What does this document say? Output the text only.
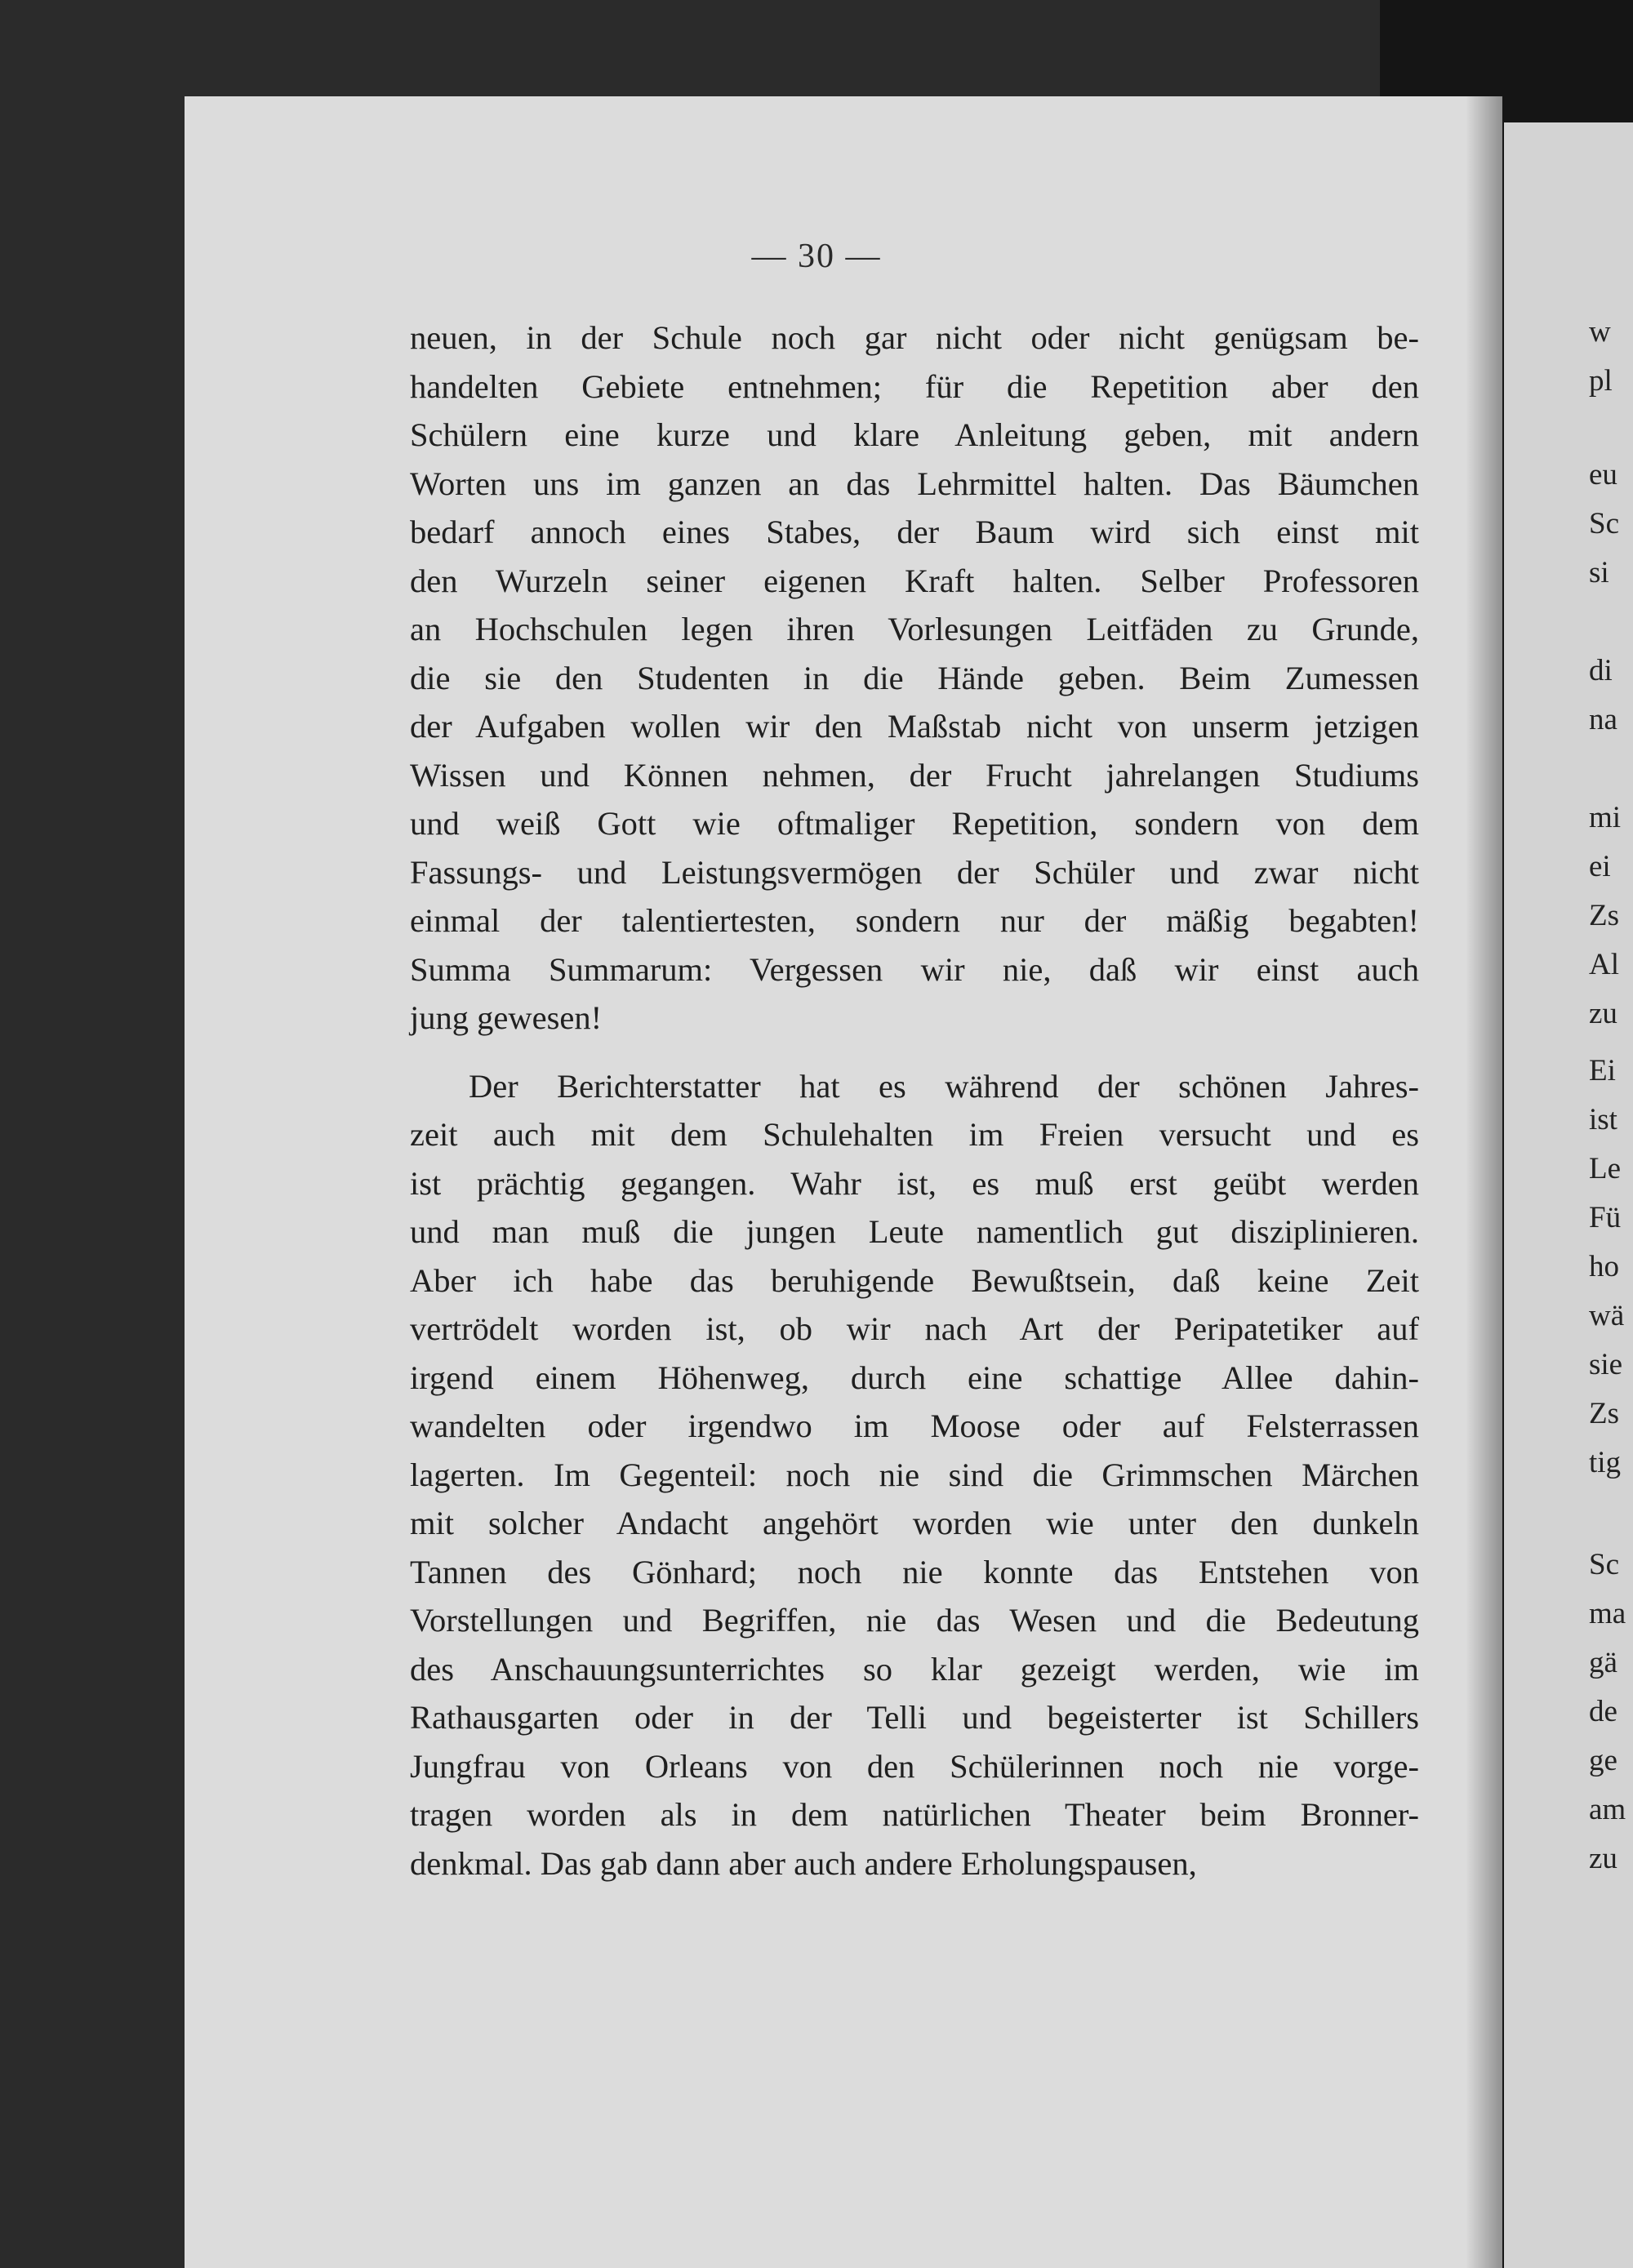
w
pl
eu
Sc
si
di
na
mi
ei
Zs
Al
zu
Ei
ist
Le
Fü
ho
wä
sie
Zs
tig
Sc
ma
gä
de
ge
am
zu
— 30 —
neuen, in der Schule noch gar nicht oder nicht genügsam be-
handelten Gebiete entnehmen; für die Repetition aber den
Schülern eine kurze und klare Anleitung geben, mit andern
Worten uns im ganzen an das Lehrmittel halten. Das Bäumchen
bedarf annoch eines Stabes, der Baum wird sich einst mit
den Wurzeln seiner eigenen Kraft halten. Selber Professoren
an Hochschulen legen ihren Vorlesungen Leitfäden zu Grunde,
die sie den Studenten in die Hände geben. Beim Zumessen
der Aufgaben wollen wir den Maßstab nicht von unserm jetzigen
Wissen und Können nehmen, der Frucht jahrelangen Studiums
und weiß Gott wie oftmaliger Repetition, sondern von dem
Fassungs- und Leistungsvermögen der Schüler und zwar nicht
einmal der talentiertesten, sondern nur der mäßig begabten!
Summa Summarum: Vergessen wir nie, daß wir einst auch
jung gewesen!
Der Berichterstatter hat es während der schönen Jahres-
zeit auch mit dem Schulehalten im Freien versucht und es
ist prächtig gegangen. Wahr ist, es muß erst geübt werden
und man muß die jungen Leute namentlich gut disziplinieren.
Aber ich habe das beruhigende Bewußtsein, daß keine Zeit
vertrödelt worden ist, ob wir nach Art der Peripatetiker auf
irgend einem Höhenweg, durch eine schattige Allee dahin-
wandelten oder irgendwo im Moose oder auf Felsterrassen
lagerten. Im Gegenteil: noch nie sind die Grimmschen Märchen
mit solcher Andacht angehört worden wie unter den dunkeln
Tannen des Gönhard; noch nie konnte das Entstehen von
Vorstellungen und Begriffen, nie das Wesen und die Bedeutung
des Anschauungsunterrichtes so klar gezeigt werden, wie im
Rathausgarten oder in der Telli und begeisterter ist Schillers
Jungfrau von Orleans von den Schülerinnen noch nie vorge-
tragen worden als in dem natürlichen Theater beim Bronner-
denkmal. Das gab dann aber auch andere Erholungspausen,
